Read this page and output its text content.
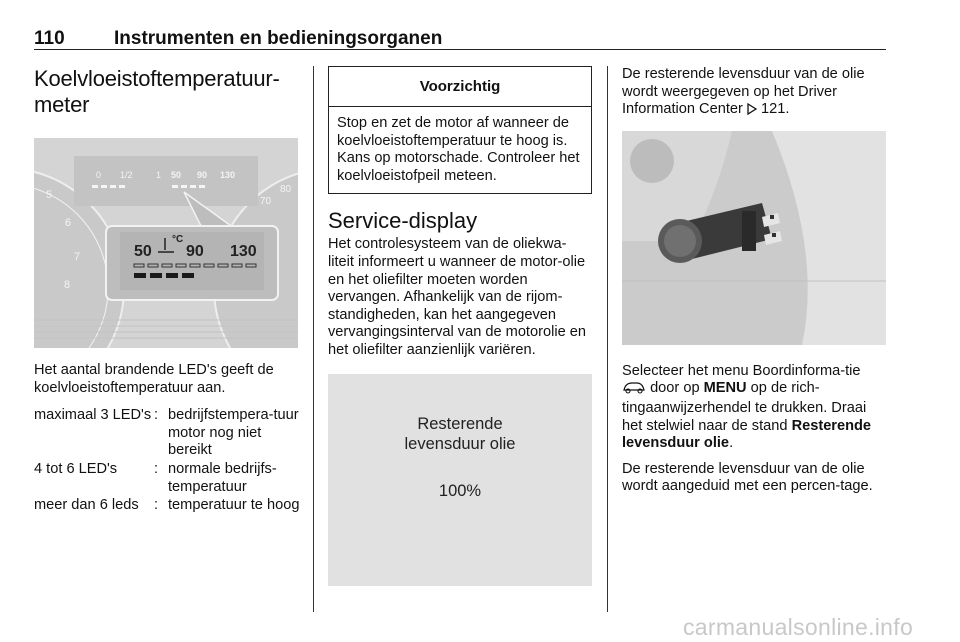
110	Instrumenten en bedieningsorganen
Koelvloeistoftemperatuur-
meter
5
6
7
8
70
80
0 1/2	1 50 90 130
50
°C
90 130

Het aantal brandende LED's geeft de koelvloeistoftemperatuur aan.

maximaal 3 LED's	:	bedrijfstempera-tuur motor nog niet bereikt
4 tot 6 LED's	:	normale bedrijfs-temperatuur
meer dan 6 leds	:	temperatuur te hoog
Voorzichtig
Stop en zet de motor af wanneer de koelvloeistoftemperatuur te hoog is. Kans op motorschade. Controleer het koelvloeistofpeil meteen.
Service-display

Het controlesysteem van de oliekwa-liteit informeert u wanneer de motor-olie en het oliefilter moeten worden vervangen. Afhankelijk van de rijom-standigheden, kan het aangegeven vervangingsinterval van de motorolie en het oliefilter aanzienlijk variëren.

Resterende
levensduur olie
100%

De resterende levensduur van de olie wordt weergegeven op het Driver Information Center 121.

Selecteer het menu Boordinforma-tie  door op MENU op de rich-tingaanwijzerhendel te drukken. Draai het stelwiel naar de stand Resterende levensduur olie.

De resterende levensduur van de olie wordt aangeduid met een percen-tage.

carmanualsonline.info
